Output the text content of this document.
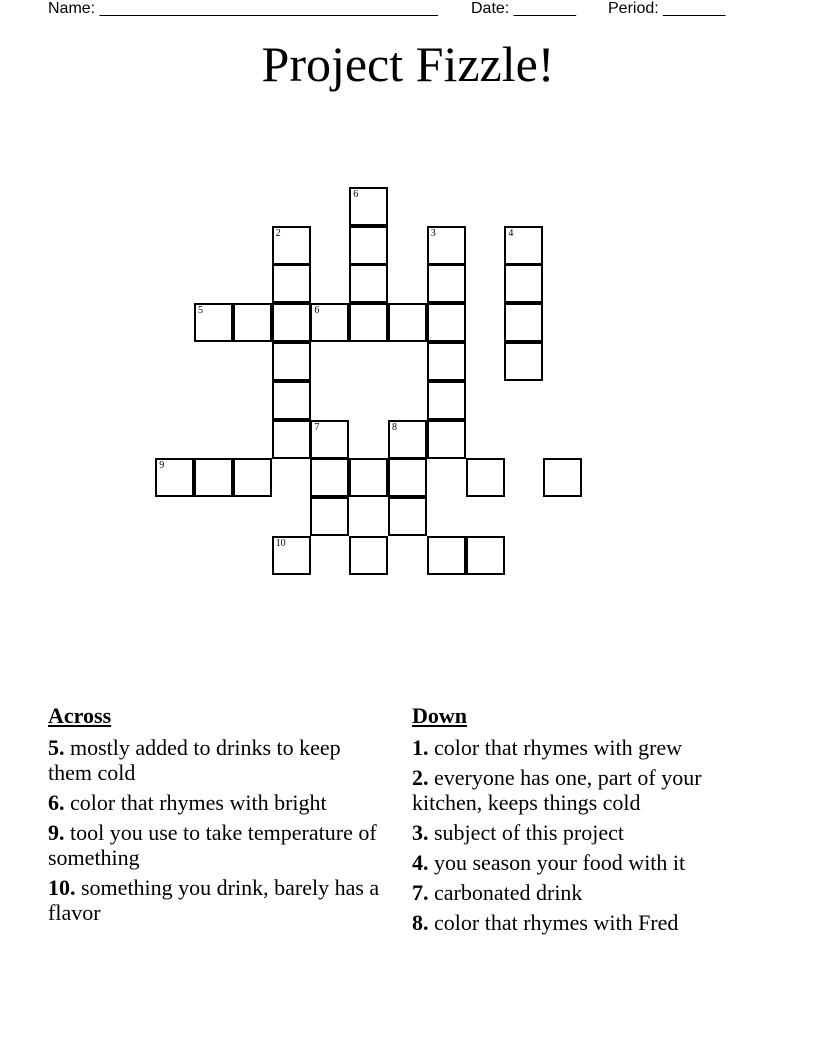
Name: ______________________________________ Date: _______ Period: _______
Project Fizzle!
6
2	3	4
5	6
7	8
9
10
Across
5. mostly added to drinks to keep them cold
6. color that rhymes with bright
9. tool you use to take temperature of something
10. something you drink, barely has a flavor
Down
1. color that rhymes with grew
2. everyone has one, part of your kitchen, keeps things cold
3. subject of this project
4. you season your food with it
7. carbonated drink
8. color that rhymes with Fred
